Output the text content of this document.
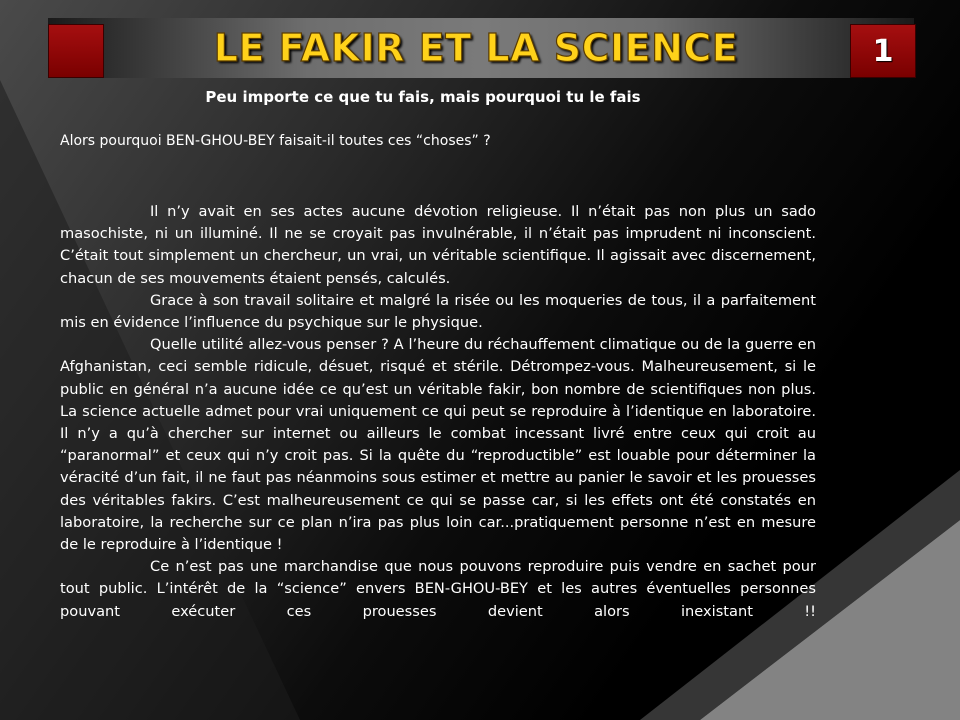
LE FAKIR ET LA SCIENCE	1
Peu importe ce que tu fais, mais pourquoi tu le fais
Alors pourquoi BEN-GHOU-BEY faisait-il toutes ces “choses” ?

Il n’y avait en ses actes aucune dévotion religieuse. Il n’était pas non plus un sado masochiste, ni un illuminé. Il ne se croyait pas invulnérable, il n’était pas imprudent ni inconscient. C’était tout simplement un chercheur, un vrai, un véritable scientifique. Il agissait avec discernement, chacun de ses mouvements étaient pensés, calculés.

Grace à son travail solitaire et malgré la risée ou les moqueries de tous, il a parfaitement mis en évidence l’influence du psychique sur le physique.

Quelle utilité allez-vous penser ? A l’heure du réchauffement climatique ou de la guerre en Afghanistan, ceci semble ridicule, désuet, risqué et stérile. Détrompez-vous. Malheureusement, si le public en général n’a aucune idée ce qu’est un véritable fakir, bon nombre de scientifiques non plus. La science actuelle admet pour vrai uniquement ce qui peut se reproduire à l’identique en laboratoire. Il n’y a qu’à chercher sur internet ou ailleurs le combat incessant livré entre ceux qui croit au “paranormal” et ceux qui n’y croit pas. Si la quête du “reproductible” est louable pour déterminer la véracité d’un fait, il ne faut pas néanmoins sous estimer et mettre au panier le savoir et les prouesses des véritables fakirs. C’est malheureusement ce qui se passe car, si les effets ont été constatés en laboratoire, la recherche sur ce plan n’ira pas plus loin car...pratiquement personne n’est en mesure de le reproduire à l’identique !

Ce n’est pas une marchandise que nous pouvons reproduire puis vendre en sachet pour tout public. L’intérêt de la “science” envers BEN-GHOU-BEY et les autres éventuelles personnes pouvant exécuter ces prouesses devient alors inexistant !!
